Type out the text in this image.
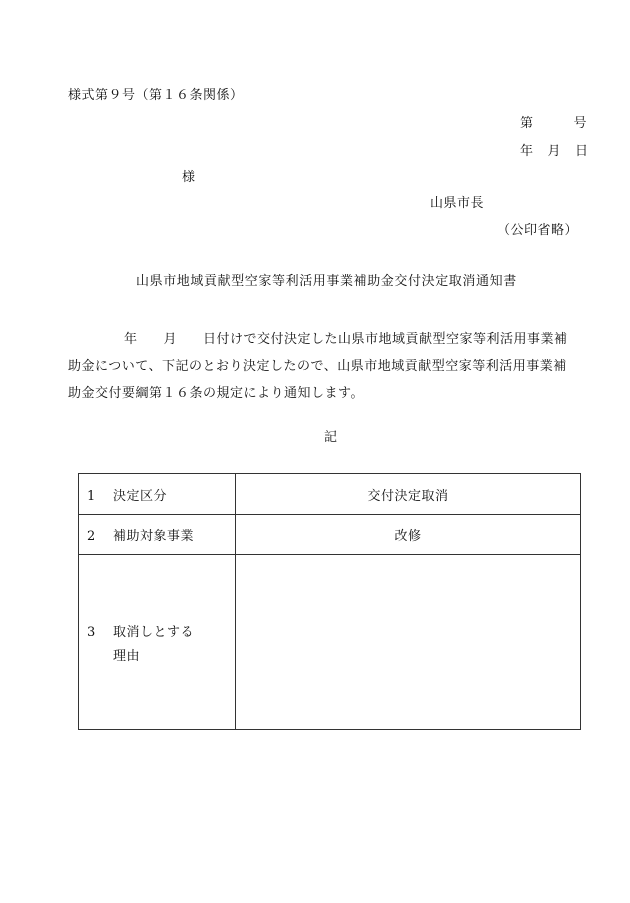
様式第９号（第１６条関係）
第	号
年 月 日
様
山県市長
（公印省略）
山県市地域貢献型空家等利活用事業補助金交付決定取消通知書
年 月 日付けで交付決定した山県市地域貢献型空家等利活用事業補
助金について、下記のとおり決定したので、山県市地域貢献型空家等利活用事業補
助金交付要綱第１６条の規定により通知します。
記
1 決定区分	交付決定取消
2 補助対象事業	改修

3 取消しとする
理由	
